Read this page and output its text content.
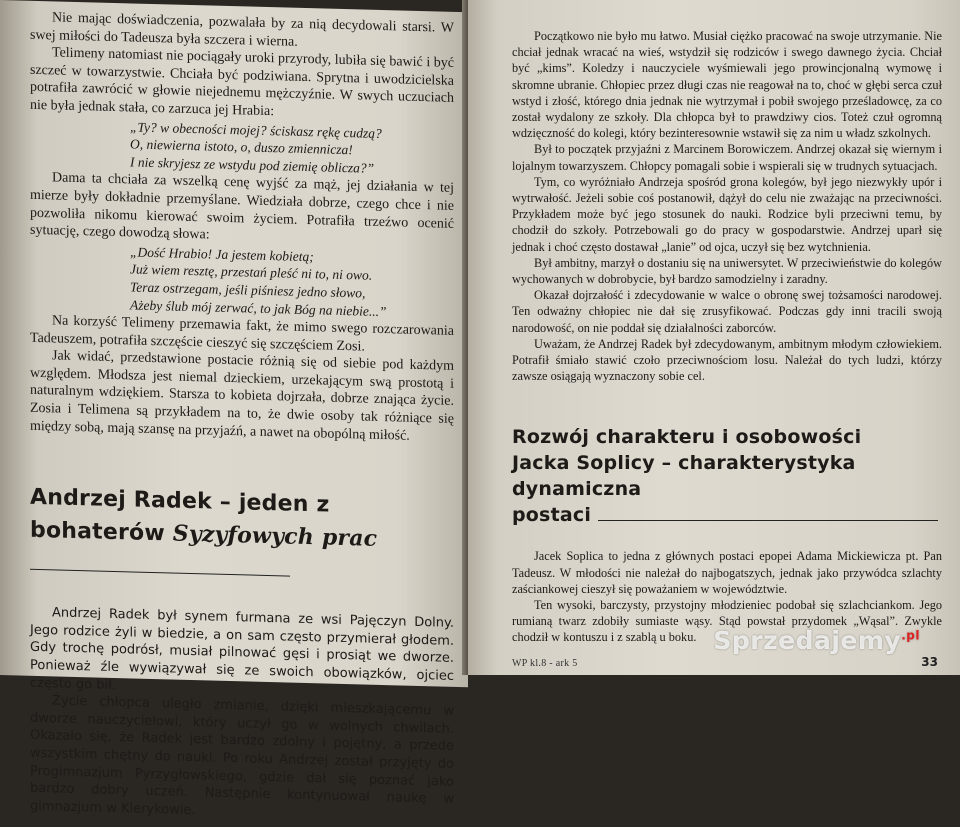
Nie mając doświadczenia, pozwalała by za nią decydowali starsi. W swej miłości do Tadeusza była szczera i wierna.

Telimeny natomiast nie pociągały uroki przyrody, lubiła się bawić i być szczeć w towarzystwie. Chciała być podziwiana. Sprytna i uwodzicielska potrafiła zawrócić w głowie niejednemu mężczyźnie. W swych uczuciach nie była jednak stała, co zarzuca jej Hrabia:

„Ty? w obecności mojej? ściskasz rękę cudzą?
O, niewierna istoto, o, duszo zmiennicza!
I nie skryjesz ze wstydu pod ziemię oblicza?”

Dama ta chciała za wszelką cenę wyjść za mąż, jej działania w tej mierze były dokładnie przemyślane. Wiedziała dobrze, czego chce i nie pozwoliła nikomu kierować swoim życiem. Potrafiła trzeźwo ocenić sytuację, czego dowodzą słowa:

„Dość Hrabio! Ja jestem kobietą;
Już wiem resztę, przestań pleść ni to, ni owo.
Teraz ostrzegam, jeśli piśniesz jedno słowo,
Ażeby ślub mój zerwać, to jak Bóg na niebie...”

Na korzyść Telimeny przemawia fakt, że mimo swego rozczarowania Tadeuszem, potrafiła szczęście cieszyć się szczęściem Zosi.

Jak widać, przedstawione postacie różnią się od siebie pod każdym względem. Młodsza jest niemal dzieckiem, urzekającym swą prostotą i naturalnym wdziękiem. Starsza to kobieta dojrzała, dobrze znająca życie. Zosia i Telimena są przykładem na to, że dwie osoby tak różniące się między sobą, mają szansę na przyjaźń, a nawet na obopólną miłość.

Andrzej Radek – jeden z bohaterów Syzyfowych prac

Andrzej Radek był synem furmana ze wsi Pajęczyn Dolny. Jego rodzice żyli w biedzie, a on sam często przymierał głodem. Gdy trochę podrósł, musiał pilnować gęsi i prosiąt we dworze. Ponieważ źle wywiązywał się ze swoich obowiązków, ojciec często go bił.

Życie chłopca uległo zmianie, dzięki mieszkającemu w dworze nauczycielowi, który uczył go w wolnych chwilach. Okazało się, że Radek jest bardzo zdolny i pojętny, a przede wszystkim chętny do nauki. Po roku Andrzej został przyjęty do Progimnazjum Pyrzygłowskiego, gdzie dał się poznać jako bardzo dobry uczeń. Następnie kontynuował naukę w gimnazjum w Klerykowie.

Początkowo nie było mu łatwo. Musiał ciężko pracować na swoje utrzymanie. Nie chciał jednak wracać na wieś, wstydził się rodziców i swego dawnego życia. Chciał być „kims”. Koledzy i nauczyciele wyśmiewali jego prowincjonalną wymowę i skromne ubranie. Chłopiec przez długi czas nie reagował na to, choć w głębi serca czuł wstyd i złość, którego dnia jednak nie wytrzymał i pobił swojego prześladowcę, za co został wydalony ze szkoły. Dla chłopca był to prawdziwy cios. Toteż czuł ogromną wdzięczność do kolegi, który bezinteresownie wstawił się za nim u władz szkolnych.

Był to początek przyjaźni z Marcinem Borowiczem. Andrzej okazał się wiernym i lojalnym towarzyszem. Chłopcy pomagali sobie i wspierali się w trudnych sytuacjach.

Tym, co wyróżniało Andrzeja spośród grona kolegów, był jego niezwykły upór i wytrwałość. Jeżeli sobie coś postanowił, dążył do celu nie zważając na przeciwności. Przykładem może być jego stosunek do nauki. Rodzice byli przeciwni temu, by chodził do szkoły. Potrzebowali go do pracy w gospodarstwie. Andrzej uparł się jednak i choć często dostawał „lanie” od ojca, uczył się bez wytchnienia.

Był ambitny, marzył o dostaniu się na uniwersytet. W przeciwieństwie do kolegów wychowanych w dobrobycie, był bardzo samodzielny i zaradny.

Okazał dojrzałość i zdecydowanie w walce o obronę swej tożsamości narodowej. Ten odważny chłopiec nie dał się zrusyfikować. Podczas gdy inni tracili swoją narodowość, on nie poddał się działalności zaborców.

Uważam, że Andrzej Radek był zdecydowanym, ambitnym młodym człowiekiem. Potrafił śmiało stawić czoło przeciwnościom losu. Należał do tych ludzi, którzy zawsze osiągają wyznaczony sobie cel.

Rozwój charakteru i osobowości
Jacka Soplicy – charakterystyka dynamiczna
postaci

Jacek Soplica to jedna z głównych postaci epopei Adama Mickiewicza pt. Pan Tadeusz. W młodości nie należał do najbogatszych, jednak jako przywódca szlachty zaściankowej cieszył się poważaniem w województwie.

Ten wysoki, barczysty, przystojny młodzieniec podobał się szlachciankom. Jego rumianą twarz zdobiły sumiaste wąsy. Stąd powstał przydomek „Wąsal”. Zwykle chodził w kontuszu i z szablą u boku.

WP kl.8 - ark 5	33
Sprzedajemy$^{.pl}$
